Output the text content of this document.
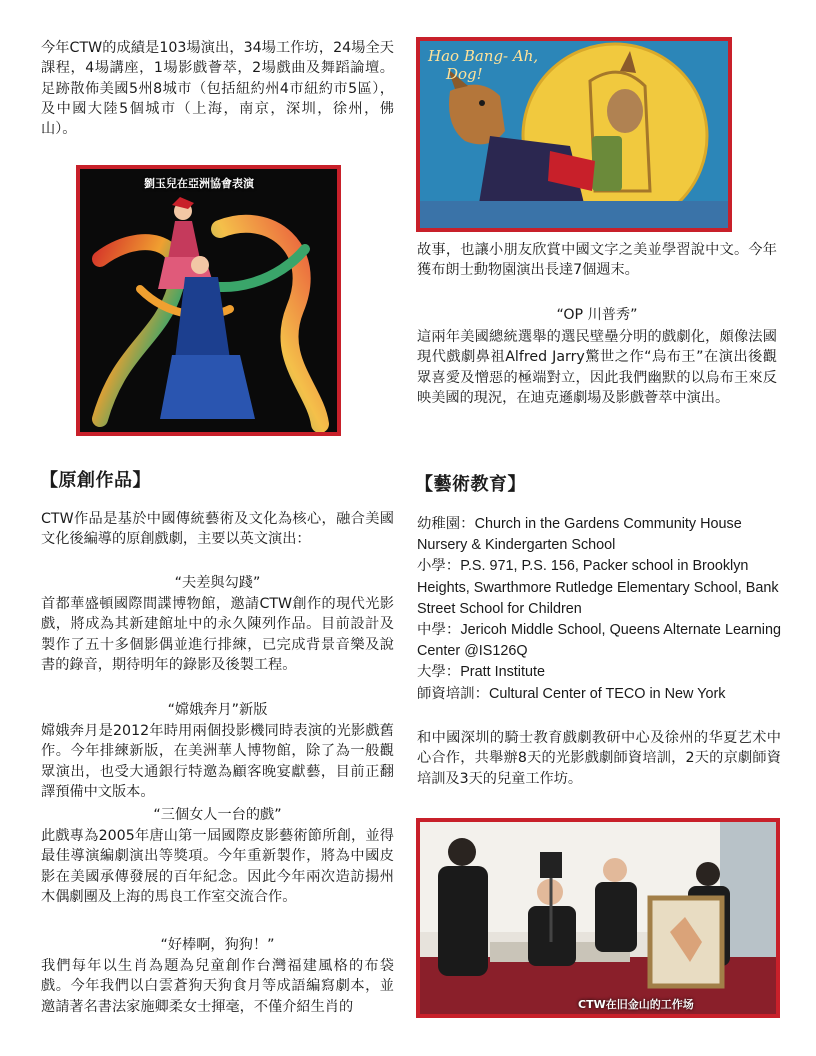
今年CTW的成績是103場演出，34場工作坊，24場全天課程，4場講座，1場影戲薈萃，2場戲曲及舞蹈論壇。足跡散佈美國5州8城市（包括紐約州4市紐約市5區），及中國大陸5個城市（上海，南京，深圳，徐州，佛山）。

劉玉兒在亞洲協會表演
【原創作品】

CTW作品是基於中國傳統藝術及文化為核心，融合美國文化後編導的原創戲劇，主要以英文演出：

“夫差與勾踐”

首都華盛頓國際間諜博物館，邀請CTW創作的現代光影戲，將成為其新建館址中的永久陳列作品。目前設計及製作了五十多個影偶並進行排練，已完成背景音樂及說書的錄音，期待明年的錄影及後製工程。

“嫦娥奔月”新版

嫦娥奔月是2012年時用兩個投影機同時表演的光影戲舊作。今年排練新版，在美洲華人博物館，除了為一般觀眾演出，也受大通銀行特邀為顧客晚宴獻藝，目前正翻譯預備中文版本。

“三個女人一台的戲”

此戲專為2005年唐山第一屆國際皮影藝術節所創，並得最佳導演編劇演出等獎項。今年重新製作，將為中國皮影在美國承傳發展的百年紀念。因此今年兩次造訪揚州木偶劇團及上海的馬良工作室交流合作。

“好棒啊，狗狗！”

我們每年以生肖為題為兒童創作台灣福建風格的布袋戲。今年我們以白雲蒼狗天狗食月等成語編寫劇本，並邀請著名書法家施卿柔女士揮毫，不僅介紹生肖的

Hao Bang- Ah,
Dog!

故事，也讓小朋友欣賞中國文字之美並學習說中文。今年獲布朗士動物園演出長達7個週末。

“OP 川普秀”

這兩年美國總統選舉的選民壁壘分明的戲劇化，頗像法國現代戲劇鼻祖Alfred Jarry驚世之作“烏布王”在演出後觀眾喜愛及憎惡的極端對立，因此我們幽默的以烏布王來反映美國的現況，在迪克遜劇場及影戲薈萃中演出。

【藝術教育】

幼稚園：Church in the Gardens Community House Nursery & Kindergarten School

小學：P.S. 971, P.S. 156, Packer school in Brooklyn Heights, Swarthmore Rutledge Elementary School, Bank Street School for Children

中學：Jericoh Middle School, Queens Alternate Learning Center @IS126Q

大學：Pratt Institute

師資培訓：Cultural Center of TECO in New York

和中國深圳的騎士教育戲劇教研中心及徐州的华夏艺术中心合作，共舉辦8天的光影戲劇師資培訓，2天的京劇師資培訓及3天的兒童工作坊。

CTW在旧金山的工作场
